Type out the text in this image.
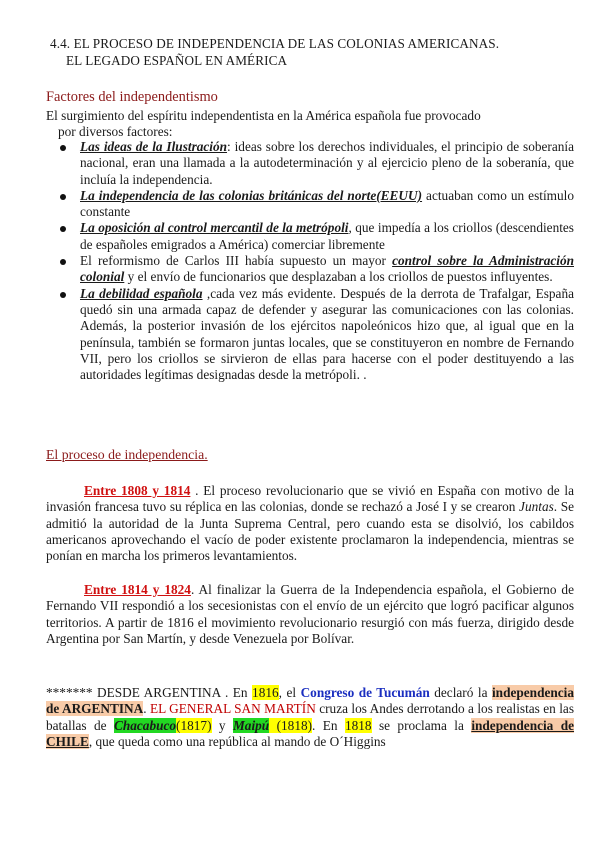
4.4. EL PROCESO DE INDEPENDENCIA DE LAS COLONIAS AMERICANAS.
EL LEGADO ESPAÑOL EN AMÉRICA
Factores del independentismo
El surgimiento del espíritu independentista en la América española fue provocado
por diversos factores:
Las ideas de la Ilustración: ideas sobre los derechos individuales, el principio de soberanía nacional, eran una llamada a la autodeterminación y al ejercicio pleno de la soberanía, que incluía la independencia.
La independencia de las colonias británicas del norte(EEUU) actuaban como un estímulo constante
La oposición al control mercantil de la metrópoli, que impedía a los criollos (descendientes de españoles emigrados a América) comerciar libremente
El reformismo de Carlos III había supuesto un mayor control sobre la Administración colonial y el envío de funcionarios que desplazaban a los criollos de puestos influyentes.
La debilidad española ,cada vez más evidente. Después de la derrota de Trafalgar, España quedó sin una armada capaz de defender y asegurar las comunicaciones con las colonias. Además, la posterior invasión de los ejércitos napoleónicos hizo que, al igual que en la península, también se formaron juntas locales, que se constituyeron en nombre de Fernando VII, pero los criollos se sirvieron de ellas para hacerse con el poder destituyendo a las autoridades legítimas designadas desde la metrópoli. .
El proceso de independencia.
Entre 1808 y 1814 . El proceso revolucionario que se vivió en España con motivo de la invasión francesa tuvo su réplica en las colonias, donde se rechazó a José I y se crearon Juntas. Se admitió la autoridad de la Junta Suprema Central, pero cuando esta se disolvió, los cabildos americanos aprovechando el vacío de poder existente proclamaron la independencia, mientras se ponían en marcha los primeros levantamientos.
Entre 1814 y 1824. Al finalizar la Guerra de la Independencia española, el Gobierno de Fernando VII respondió a los secesionistas con el envío de un ejército que logró pacificar algunos territorios. A partir de 1816 el movimiento revolucionario resurgió con más fuerza, dirigido desde Argentina por San Martín, y desde Venezuela por Bolívar.
******* DESDE ARGENTINA . En 1816, el Congreso de Tucumán declaró la independencia de ARGENTINA. EL GENERAL SAN MARTÍN cruza los Andes derrotando a los realistas en las batallas de Chacabuco(1817) y Maipú (1818). En 1818 se proclama la independencia de CHILE, que queda como una república al mando de O´Higgins
